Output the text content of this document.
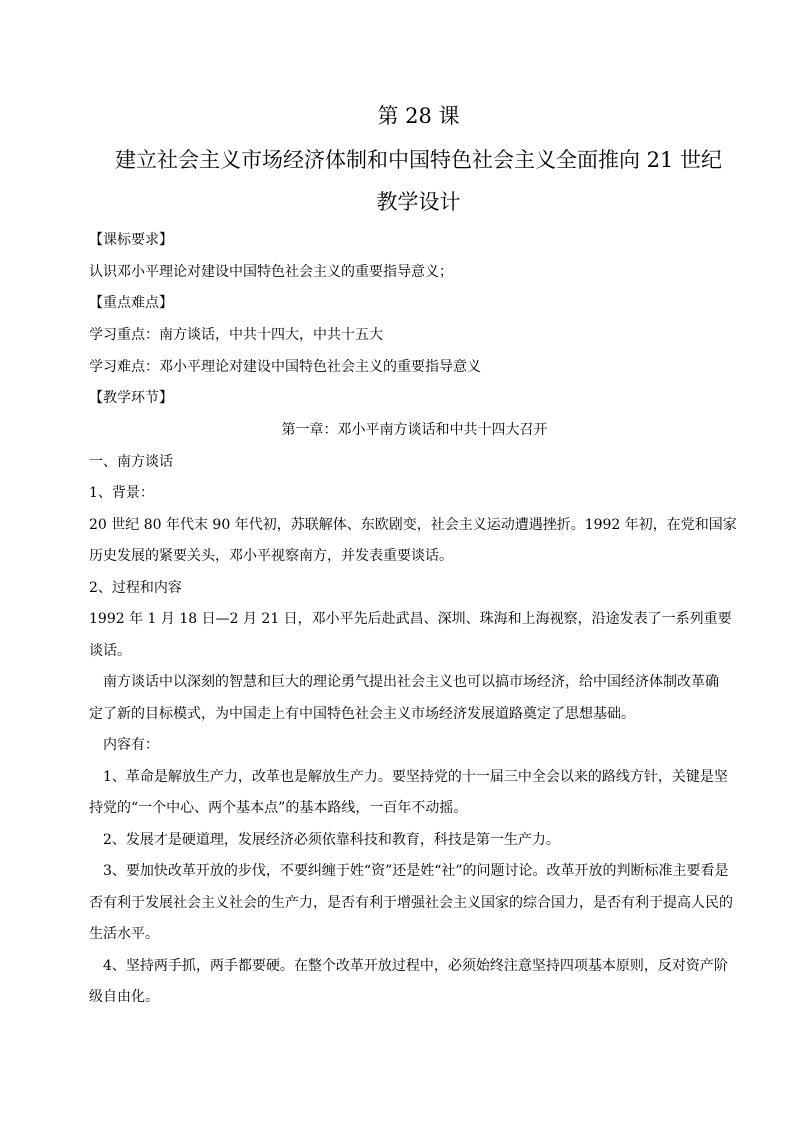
第 28 课
建立社会主义市场经济体制和中国特色社会主义全面推向 21 世纪
教学设计
【课标要求】
认识邓小平理论对建设中国特色社会主义的重要指导意义；
【重点难点】
学习重点：南方谈话，中共十四大，中共十五大
学习难点：邓小平理论对建设中国特色社会主义的重要指导意义
【教学环节】
第一章：邓小平南方谈话和中共十四大召开
一、南方谈话
1、背景：
20 世纪 80 年代末 90 年代初，苏联解体、东欧剧变，社会主义运动遭遇挫折。1992 年初，在党和国家
历史发展的紧要关头，邓小平视察南方，并发表重要谈话。
2、过程和内容
1992 年 1 月 18 日—2 月 21 日，邓小平先后赴武昌、深圳、珠海和上海视察，沿途发表了一系列重要
谈话。
南方谈话中以深刻的智慧和巨大的理论勇气提出社会主义也可以搞市场经济，给中国经济体制改革确
定了新的目标模式，为中国走上有中国特色社会主义市场经济发展道路奠定了思想基础。
内容有：
1、革命是解放生产力，改革也是解放生产力。要坚持党的十一届三中全会以来的路线方针，关键是坚
持党的“一个中心、两个基本点”的基本路线，一百年不动摇。
2、发展才是硬道理，发展经济必须依靠科技和教育，科技是第一生产力。
3、要加快改革开放的步伐，不要纠缠于姓“资”还是姓“社”的问题讨论。改革开放的判断标准主要看是
否有利于发展社会主义社会的生产力，是否有利于增强社会主义国家的综合国力，是否有利于提高人民的
生活水平。
4、坚持两手抓，两手都要硬。在整个改革开放过程中，必须始终注意坚持四项基本原则，反对资产阶
级自由化。
